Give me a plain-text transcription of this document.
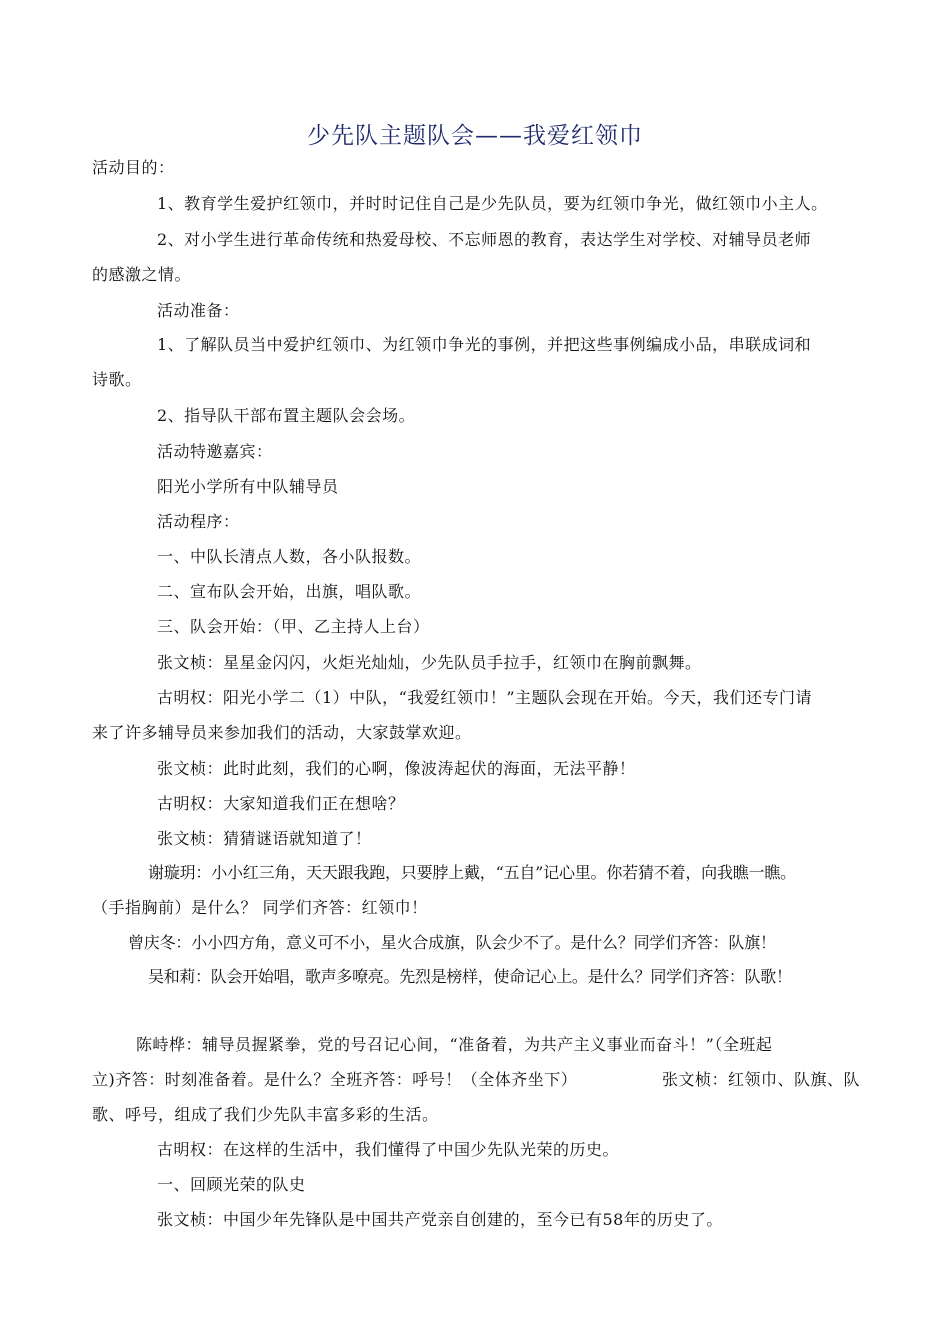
少先队主题队会——我爱红领巾
活动目的：
1、教育学生爱护红领巾，并时时记住自己是少先队员，要为红领巾争光，做红领巾小主人。
2、对小学生进行革命传统和热爱母校、不忘师恩的教育，表达学生对学校、对辅导员老师
的感激之情。
活动准备：
1、了解队员当中爱护红领巾、为红领巾争光的事例，并把这些事例编成小品，串联成词和
诗歌。
2、指导队干部布置主题队会会场。
活动特邀嘉宾：
阳光小学所有中队辅导员
活动程序：
一、中队长清点人数，各小队报数。
二、宣布队会开始，出旗，唱队歌。
三、队会开始：（甲、乙主持人上台）
张文桢：星星金闪闪，火炬光灿灿，少先队员手拉手，红领巾在胸前飘舞。
古明权：阳光小学二（1）中队，“我爱红领巾！”主题队会现在开始。今天，我们还专门请
来了许多辅导员来参加我们的活动，大家鼓掌欢迎。
张文桢：此时此刻，我们的心啊，像波涛起伏的海面，无法平静！
古明权：大家知道我们正在想啥？
张文桢：猜猜谜语就知道了！
谢璇玥：小小红三角，天天跟我跑，只要脖上戴，“五自”记心里。你若猜不着，向我瞧一瞧。
（手指胸前）是什么？ 同学们齐答：红领巾！
曾庆冬：小小四方角，意义可不小，星火合成旗，队会少不了。是什么？同学们齐答：队旗！
吴和莉：队会开始唱，歌声多嘹亮。先烈是榜样，使命记心上。是什么？同学们齐答：队歌！
陈峙桦：辅导员握紧拳，党的号召记心间，“准备着，为共产主义事业而奋斗！”（全班起
立)齐答：时刻准备着。是什么？全班齐答：呼号！（全体齐坐下）	张文桢：红领巾、队旗、队
歌、呼号，组成了我们少先队丰富多彩的生活。
古明权：在这样的生活中，我们懂得了中国少先队光荣的历史。
一、回顾光荣的队史
张文桢：中国少年先锋队是中国共产党亲自创建的，至今已有58年的历史了。
